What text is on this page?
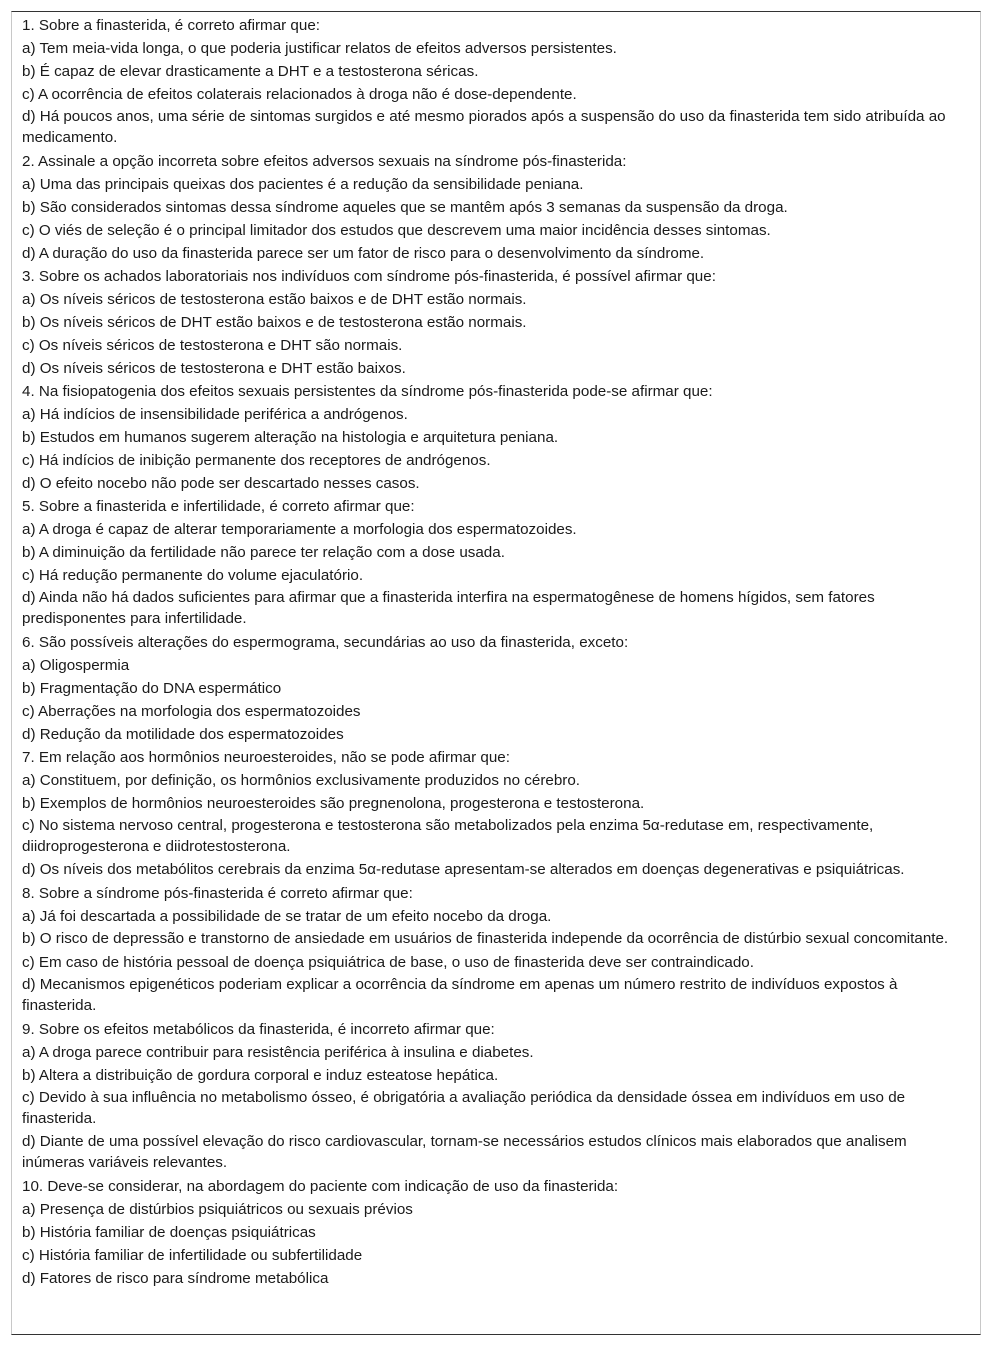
1. Sobre a finasterida, é correto afirmar que:

a) Tem meia-vida longa, o que poderia justificar relatos de efeitos adversos persistentes.

b) É capaz de elevar drasticamente a DHT e a testosterona séricas.

c) A ocorrência de efeitos colaterais relacionados à droga não é dose-dependente.

d) Há poucos anos, uma série de sintomas surgidos e até mesmo piorados após a suspensão do uso da finasterida tem sido atribuída ao medicamento.

2. Assinale a opção incorreta sobre efeitos adversos sexuais na síndrome pós-finasterida:

a) Uma das principais queixas dos pacientes é a redução da sensibilidade peniana.

b) São considerados sintomas dessa síndrome aqueles que se mantêm após 3 semanas da suspensão da droga.

c) O viés de seleção é o principal limitador dos estudos que descrevem uma maior incidência desses sintomas.

d) A duração do uso da finasterida parece ser um fator de risco para o desenvolvimento da síndrome.

3. Sobre os achados laboratoriais nos indivíduos com síndrome pós-finasterida, é possível afirmar que:

a) Os níveis séricos de testosterona estão baixos e de DHT estão normais.

b) Os níveis séricos de DHT estão baixos e de testosterona estão normais.

c) Os níveis séricos de testosterona e DHT são normais.

d) Os níveis séricos de testosterona e DHT estão baixos.

4. Na fisiopatogenia dos efeitos sexuais persistentes da síndrome pós-finasterida pode-se afirmar que:

a) Há indícios de insensibilidade periférica a andrógenos.

b) Estudos em humanos sugerem alteração na histologia e arquitetura peniana.

c) Há indícios de inibição permanente dos receptores de andrógenos.

d) O efeito nocebo não pode ser descartado nesses casos.

5. Sobre a finasterida e infertilidade, é correto afirmar que:

a) A droga é capaz de alterar temporariamente a morfologia dos espermatozoides.

b) A diminuição da fertilidade não parece ter relação com a dose usada.

c) Há redução permanente do volume ejaculatório.

d) Ainda não há dados suficientes para afirmar que a finasterida interfira na espermatogênese de homens hígidos, sem fatores predisponentes para infertilidade.

6. São possíveis alterações do espermograma, secundárias ao uso da finasterida, exceto:

a) Oligospermia

b) Fragmentação do DNA espermático

c) Aberrações na morfologia dos espermatozoides

d) Redução da motilidade dos espermatozoides

7. Em relação aos hormônios neuroesteroides, não se pode afirmar que:

a) Constituem, por definição, os hormônios exclusivamente produzidos no cérebro.

b) Exemplos de hormônios neuroesteroides são pregnenolona, progesterona e testosterona.

c) No sistema nervoso central, progesterona e testosterona são metabolizados pela enzima 5α-redutase em, respectivamente, diidroprogesterona e diidrotestosterona.

d) Os níveis dos metabólitos cerebrais da enzima 5α-redutase apresentam-se alterados em doenças degenerativas e psiquiátricas.

8. Sobre a síndrome pós-finasterida é correto afirmar que:

a) Já foi descartada a possibilidade de se tratar de um efeito nocebo da droga.

b) O risco de depressão e transtorno de ansiedade em usuários de finasterida independe da ocorrência de distúrbio sexual concomitante.

c) Em caso de história pessoal de doença psiquiátrica de base, o uso de finasterida deve ser contraindicado.

d) Mecanismos epigenéticos poderiam explicar a ocorrência da síndrome em apenas um número restrito de indivíduos expostos à finasterida.

9. Sobre os efeitos metabólicos da finasterida, é incorreto afirmar que:

a) A droga parece contribuir para resistência periférica à insulina e diabetes.

b) Altera a distribuição de gordura corporal e induz esteatose hepática.

c) Devido à sua influência no metabolismo ósseo, é obrigatória a avaliação periódica da densidade óssea em indivíduos em uso de finasterida.

d) Diante de uma possível elevação do risco cardiovascular, tornam-se necessários estudos clínicos mais elaborados que analisem inúmeras variáveis relevantes.

10. Deve-se considerar, na abordagem do paciente com indicação de uso da finasterida:

a) Presença de distúrbios psiquiátricos ou sexuais prévios

b) História familiar de doenças psiquiátricas

c) História familiar de infertilidade ou subfertilidade

d) Fatores de risco para síndrome metabólica
